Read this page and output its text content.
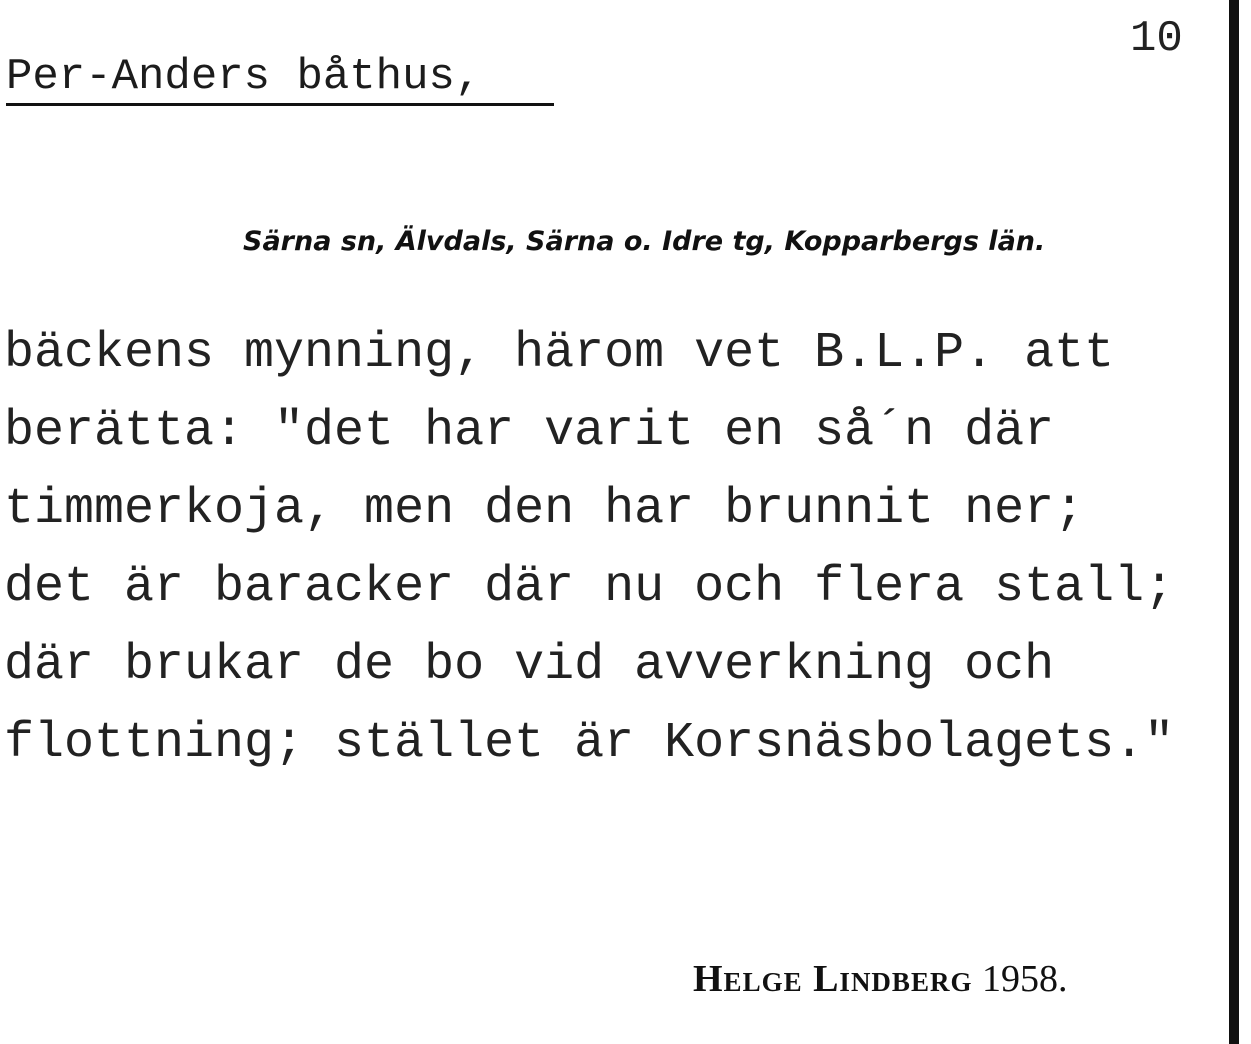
10
Per-Anders båthus,
Särna sn, Älvdals, Särna o. Idre tg, Kopparbergs län.
bäckens mynning, härom vet B.L.P. att
berätta: "det har varit en så´n där
timmerkoja, men den har brunnit ner;
det är baracker där nu och flera stall;
där brukar de bo vid avverkning och
flottning; stället är Korsnäsbolagets."
Helge Lindberg 1958.
